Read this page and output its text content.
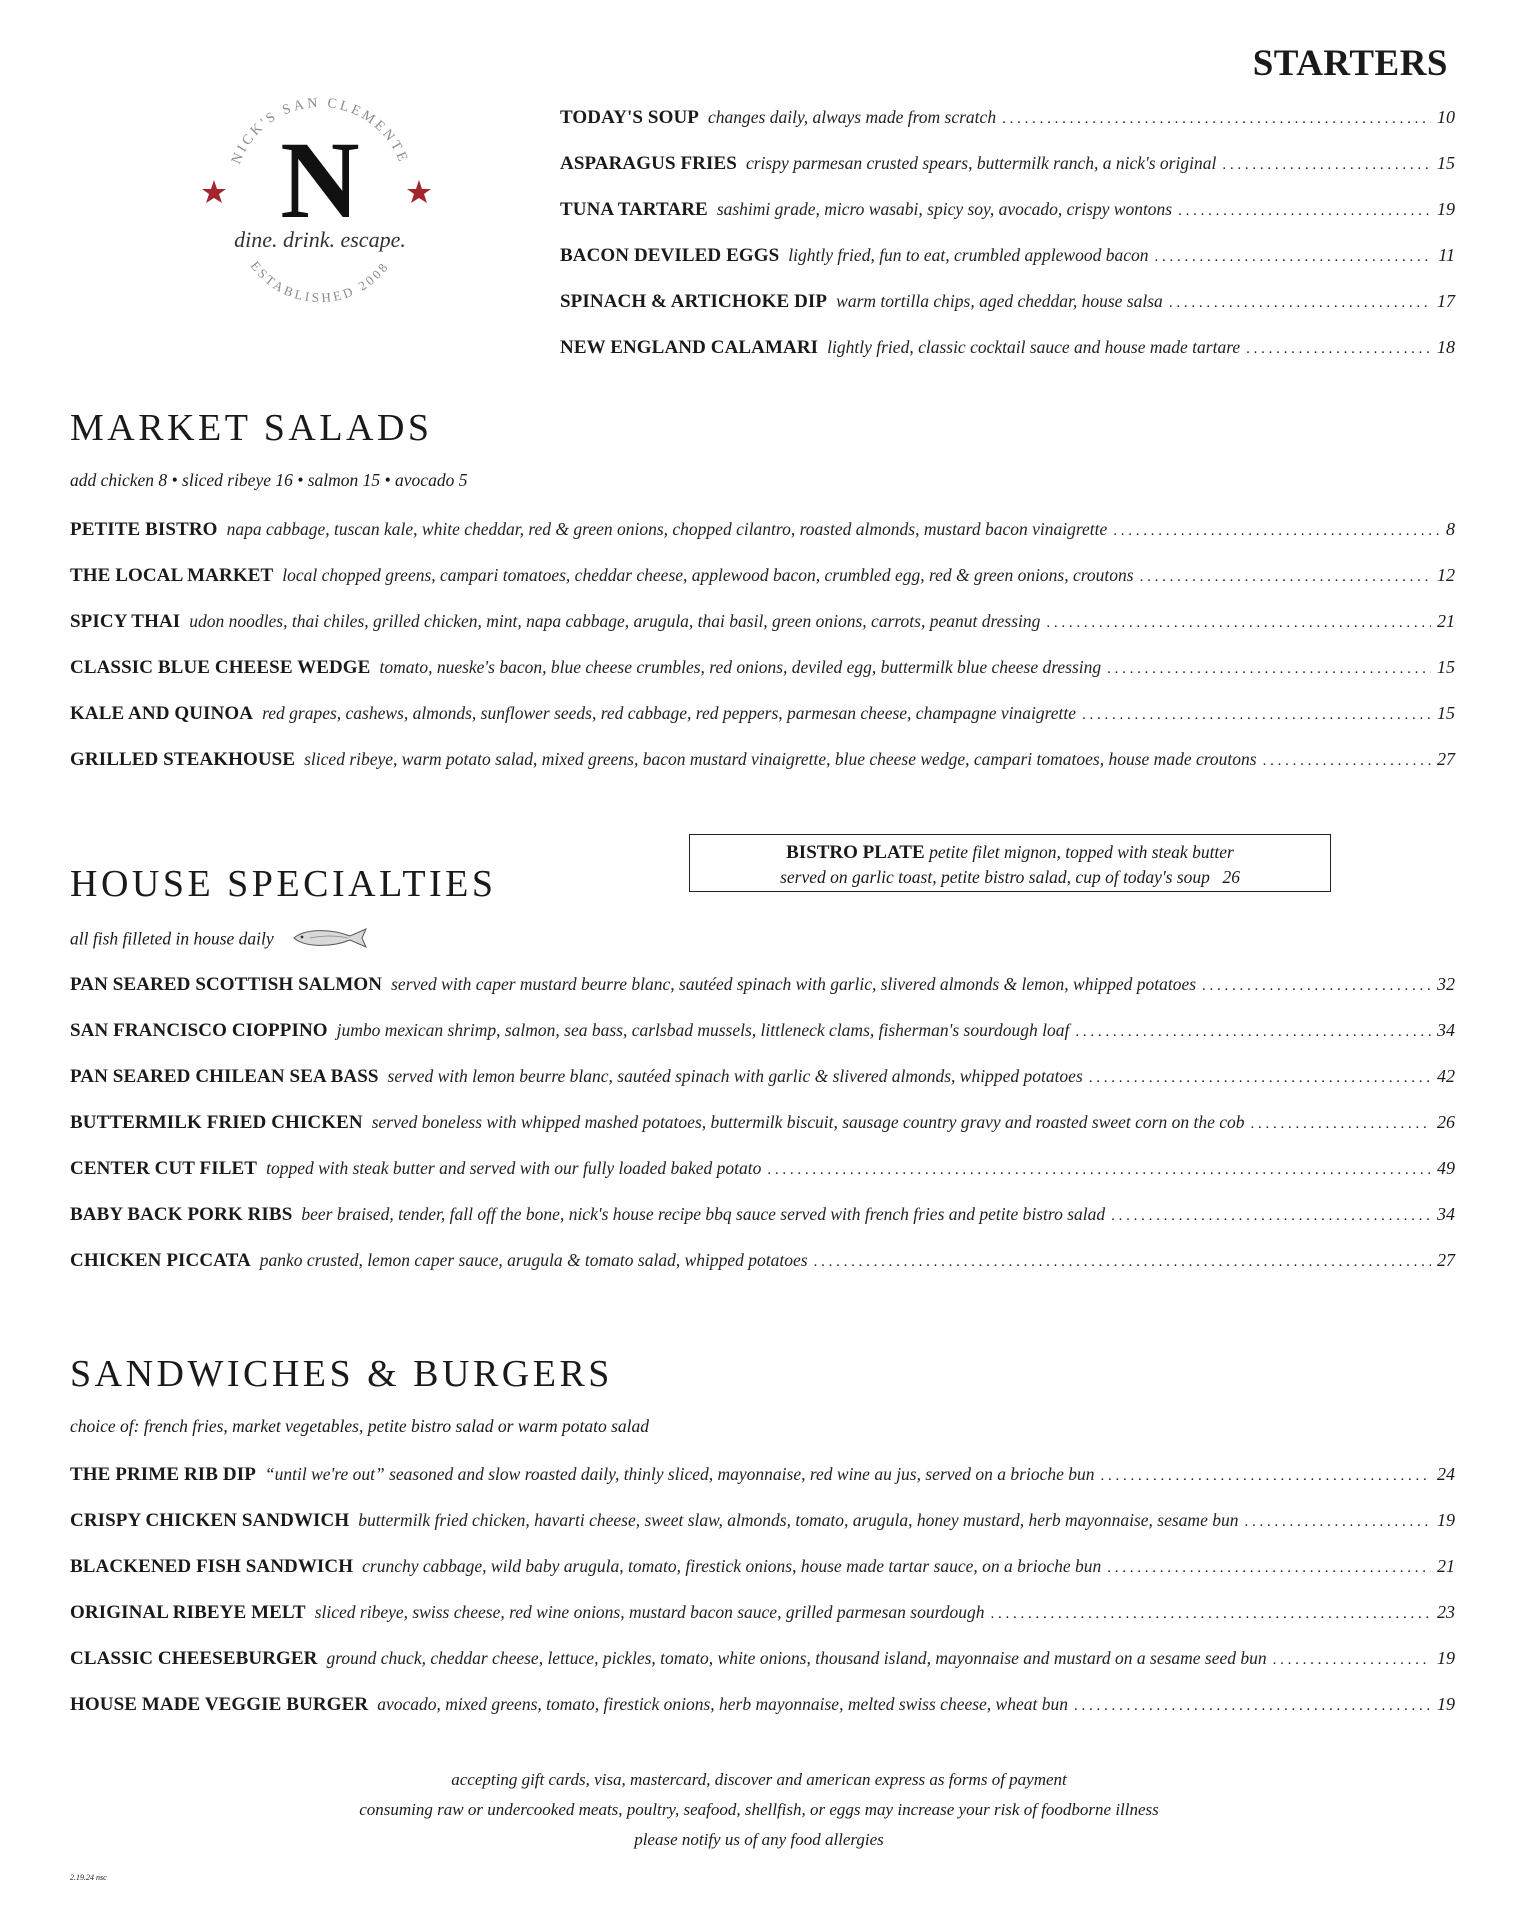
NICK'S SAN CLEMENTE
N
dine. drink. escape.
ESTABLISHED 2008
STARTERS
TODAY'S SOUP changes daily, always made from scratch . . .	10
ASPARAGUS FRIES crispy parmesan crusted spears, buttermilk ranch, a nick's original . . .	15
TUNA TARTARE sashimi grade, micro wasabi, spicy soy, avocado, crispy wontons . . .	19
BACON DEVILED EGGS lightly fried, fun to eat, crumbled applewood bacon . . .	11
SPINACH & ARTICHOKE DIP warm tortilla chips, aged cheddar, house salsa . . .	17
NEW ENGLAND CALAMARI lightly fried, classic cocktail sauce and house made tartare . . .	18
MARKET SALADS
add chicken 8 • sliced ribeye 16 • salmon 15 • avocado 5
PETITE BISTRO napa cabbage, tuscan kale, white cheddar, red & green onions, chopped cilantro, roasted almonds, mustard bacon vinaigrette . . .	8
THE LOCAL MARKET local chopped greens, campari tomatoes, cheddar cheese, applewood bacon, crumbled egg, red & green onions, croutons . . .	12
SPICY THAI udon noodles, thai chiles, grilled chicken, mint, napa cabbage, arugula, thai basil, green onions, carrots, peanut dressing . . .	21
CLASSIC BLUE CHEESE WEDGE tomato, nueske's bacon, blue cheese crumbles, red onions, deviled egg, buttermilk blue cheese dressing . . .	15
KALE AND QUINOA red grapes, cashews, almonds, sunflower seeds, red cabbage, red peppers, parmesan cheese, champagne vinaigrette . . .	15
GRILLED STEAKHOUSE sliced ribeye, warm potato salad, mixed greens, bacon mustard vinaigrette, blue cheese wedge, campari tomatoes, house made croutons . . .	27
BISTRO PLATE petite filet mignon, topped with steak butter
served on garlic toast, petite bistro salad, cup of today's soup 26
HOUSE SPECIALTIES
all fish filleted in house daily
PAN SEARED SCOTTISH SALMON served with caper mustard beurre blanc, sautéed spinach with garlic, slivered almonds & lemon, whipped potatoes . . .	32
SAN FRANCISCO CIOPPINO jumbo mexican shrimp, salmon, sea bass, carlsbad mussels, littleneck clams, fisherman's sourdough loaf . . .	34
PAN SEARED CHILEAN SEA BASS served with lemon beurre blanc, sautéed spinach with garlic & slivered almonds, whipped potatoes . . .	42
BUTTERMILK FRIED CHICKEN served boneless with whipped mashed potatoes, buttermilk biscuit, sausage country gravy and roasted sweet corn on the cob . . .	26
CENTER CUT FILET topped with steak butter and served with our fully loaded baked potato . . .	49
BABY BACK PORK RIBS beer braised, tender, fall off the bone, nick's house recipe bbq sauce served with french fries and petite bistro salad . . .	34
CHICKEN PICCATA panko crusted, lemon caper sauce, arugula & tomato salad, whipped potatoes . . .	27
SANDWICHES & BURGERS
choice of: french fries, market vegetables, petite bistro salad or warm potato salad
THE PRIME RIB DIP “until we're out” seasoned and slow roasted daily, thinly sliced, mayonnaise, red wine au jus, served on a brioche bun . . .	24
CRISPY CHICKEN SANDWICH buttermilk fried chicken, havarti cheese, sweet slaw, almonds, tomato, arugula, honey mustard, herb mayonnaise, sesame bun . . .	19
BLACKENED FISH SANDWICH crunchy cabbage, wild baby arugula, tomato, firestick onions, house made tartar sauce, on a brioche bun . . .	21
ORIGINAL RIBEYE MELT sliced ribeye, swiss cheese, red wine onions, mustard bacon sauce, grilled parmesan sourdough . . .	23
CLASSIC CHEESEBURGER ground chuck, cheddar cheese, lettuce, pickles, tomato, white onions, thousand island, mayonnaise and mustard on a sesame seed bun . . .	19
HOUSE MADE VEGGIE BURGER avocado, mixed greens, tomato, firestick onions, herb mayonnaise, melted swiss cheese, wheat bun . . .	19
accepting gift cards, visa, mastercard, discover and american express as forms of payment
consuming raw or undercooked meats, poultry, seafood, shellfish, or eggs may increase your risk of foodborne illness
please notify us of any food allergies
2.19.24 nsc
